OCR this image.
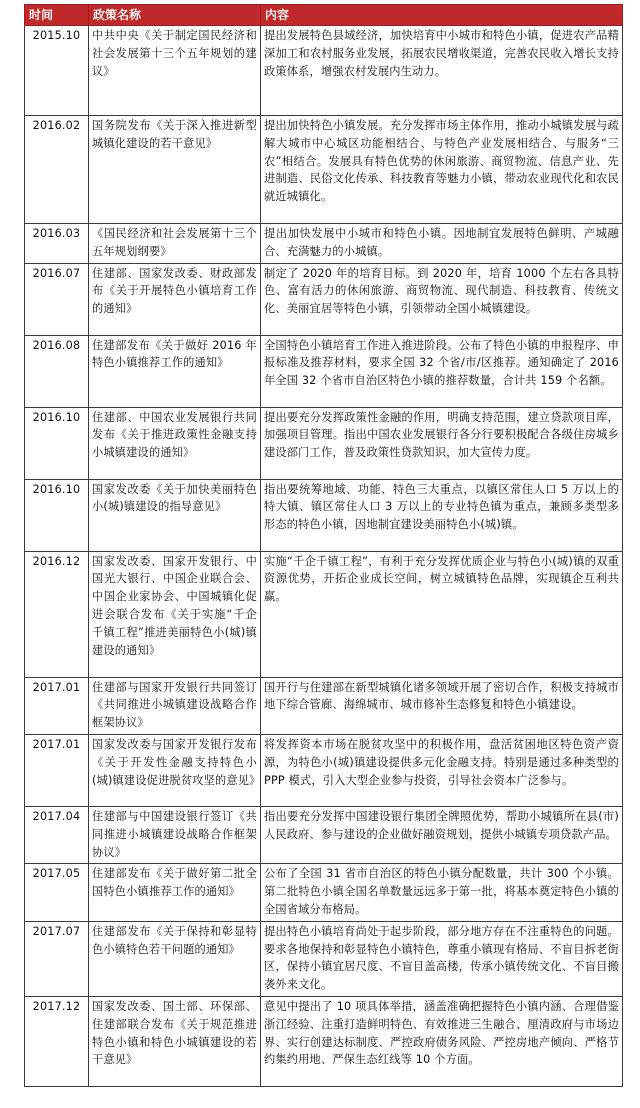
时间	政策名称	内容
2015.10	中共中央《关于制定国民经济和社会发展第十三个五年规划的建议》	提出发展特色县域经济，加快培育中小城市和特色小镇，促进农产品精深加工和农村服务业发展，拓展农民增收渠道，完善农民收入增长支持政策体系，增强农村发展内生动力。
2016.02	国务院发布《关于深入推进新型城镇化建设的若干意见》	提出加快特色小镇发展。充分发挥市场主体作用，推动小城镇发展与疏解大城市中心城区功能相结合、与特色产业发展相结合、与服务“三农”相结合。发展具有特色优势的休闲旅游、商贸物流、信息产业、先进制造、民俗文化传承、科技教育等魅力小镇，带动农业现代化和农民就近城镇化。
2016.03	《国民经济和社会发展第十三个五年规划纲要》	提出加快发展中小城市和特色小镇。因地制宜发展特色鲜明、产城融合、充满魅力的小城镇。
2016.07	住建部、国家发改委、财政部发布《关于开展特色小镇培育工作的通知》	制定了 2020 年的培育目标。到 2020 年，培育 1000 个左右各具特色、富有活力的休闲旅游、商贸物流、现代制造、科技教育、传统文化、美丽宜居等特色小镇，引领带动全国小城镇建设。
2016.08	住建部发布《关于做好 2016 年特色小镇推荐工作的通知》	全国特色小镇培育工作进入推进阶段。公布了特色小镇的申报程序、申报标准及推荐材料，要求全国 32 个省/市/区推荐。通知确定了 2016 年全国 32 个省市自治区特色小镇的推荐数量，合计共 159 个名额。
2016.10	住建部、中国农业发展银行共同发布《关于推进政策性金融支持小城镇建设的通知》	提出要充分发挥政策性金融的作用，明确支持范围，建立贷款项目库，加强项目管理。指出中国农业发展银行各分行要积极配合各级住房城乡建设部门工作，普及政策性贷款知识，加大宣传力度。
2016.10	国家发改委《关于加快美丽特色小(城)镇建设的指导意见》	指出要统筹地域、功能、特色三大重点，以镇区常住人口 5 万以上的特大镇、镇区常住人口 3 万以上的专业特色镇为重点，兼顾多类型多形态的特色小镇，因地制宜建设美丽特色小(城)镇。
2016.12	国家发改委、国家开发银行、中国光大银行、中国企业联合会、中国企业家协会、中国城镇化促进会联合发布《关于实施“千企千镇工程”推进美丽特色小(城)镇建设的通知》	实施“千企千镇工程”，有利于充分发挥优质企业与特色小(城)镇的双重资源优势，开拓企业成长空间，树立城镇特色品牌，实现镇企互利共赢。
2017.01	住建部与国家开发银行共同签订《共同推进小城镇建设战略合作框架协议》	国开行与住建部在新型城镇化诸多领域开展了密切合作，积极支持城市地下综合管廊、海绵城市、城市修补生态修复和特色小镇建设。
2017.01	国家发改委与国家开发银行发布《关于开发性金融支持特色小(城)镇建设促进脱贫攻坚的意见》	将发挥资本市场在脱贫攻坚中的积极作用，盘活贫困地区特色资产资源，为特色小(城)镇建设提供多元化金融支持。特别是通过多种类型的 PPP 模式，引入大型企业参与投资，引导社会资本广泛参与。
2017.04	住建部与中国建设银行签订《共同推进小城镇建设战略合作框架协议》	指出要充分发挥中国建设银行集团全牌照优势，帮助小城镇所在县(市)人民政府、参与建设的企业做好融资规划，提供小城镇专项贷款产品。
2017.05	住建部发布《关于做好第二批全国特色小镇推荐工作的通知》	公布了全国 31 省市自治区的特色小镇分配数量，共计 300 个小镇。第二批特色小镇全国名单数量远远多于第一批，将基本奠定特色小镇的全国省域分布格局。
2017.07	住建部发布《关于保持和彰显特色小镇特色若干问题的通知》	提出特色小镇培育尚处于起步阶段，部分地方存在不注重特色的问题。要求各地保持和彰显特色小镇特色，尊重小镇现有格局、不盲目拆老街区，保持小镇宜居尺度、不盲目盖高楼，传承小镇传统文化、不盲目搬袭外来文化。
2017.12	国家发改委、国土部、环保部、住建部联合发布《关于规范推进特色小镇和特色小城镇建设的若干意见》	意见中提出了 10 项具体举措，涵盖准确把握特色小镇内涵、合理借鉴浙江经验、注重打造鲜明特色、有效推进三生融合、厘清政府与市场边界、实行创建达标制度、严控政府债务风险、严控房地产倾向、严格节约集约用地、严保生态红线等 10 个方面。
